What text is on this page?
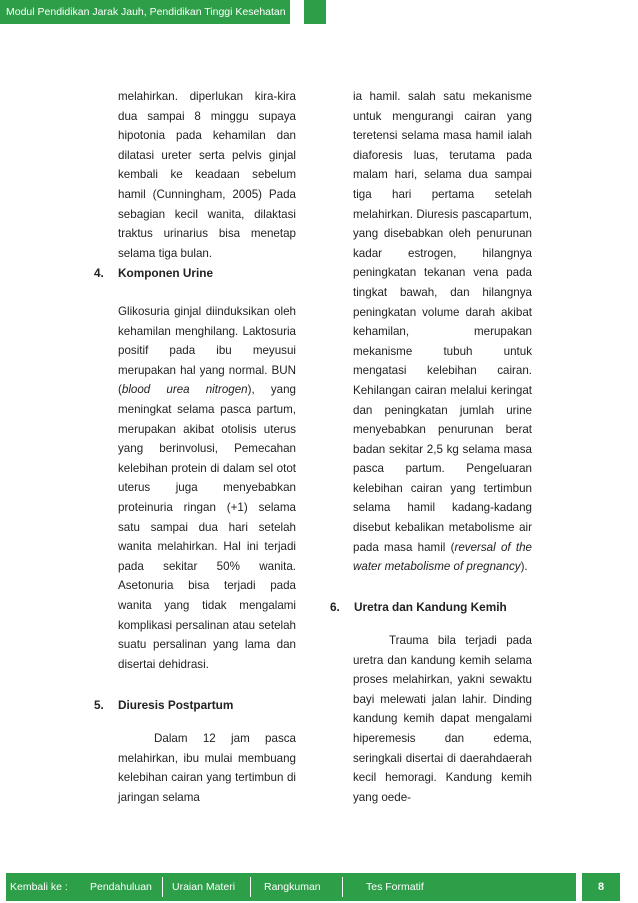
Modul Pendidikan Jarak Jauh, Pendidikan Tinggi Kesehatan

melahirkan. diperlukan kira-kira dua sampai 8 minggu supaya hipotonia pada kehamilan dan dilatasi ureter serta pelvis ginjal kembali ke keadaan sebelum hamil (Cunningham, 2005) Pada sebagian kecil wanita, dilaktasi traktus urinarius bisa menetap selama tiga bulan.

4.	Komponen Urine

Glikosuria ginjal diinduksikan oleh kehamilan menghilang. Laktosuria positif pada ibu meyusui merupakan hal yang normal. BUN (blood urea nitrogen), yang meningkat selama pasca partum, merupakan akibat otolisis uterus yang berinvolusi, Pemecahan kelebihan protein di dalam sel otot uterus juga menyebabkan proteinuria ringan (+1) selama satu sampai dua hari setelah wanita melahirkan. Hal ini terjadi pada sekitar 50% wanita. Asetonuria bisa terjadi pada wanita yang tidak mengalami komplikasi persalinan atau setelah suatu persalinan yang lama dan disertai dehidrasi.

5.	Diuresis Postpartum

Dalam 12 jam pasca melahirkan, ibu mulai membuang kelebihan cairan yang tertimbun di jaringan selama

ia hamil. salah satu mekanisme untuk mengurangi cairan yang teretensi selama masa hamil ialah diaforesis luas, terutama pada malam hari, selama dua sampai tiga hari pertama setelah melahirkan. Diuresis pascapartum, yang disebabkan oleh penurunan kadar estrogen, hilangnya peningkatan tekanan vena pada tingkat bawah, dan hilangnya peningkatan volume darah akibat kehamilan, merupakan mekanisme tubuh untuk mengatasi kelebihan cairan. Kehilangan cairan melalui keringat dan peningkatan jumlah urine menyebabkan penurunan berat badan sekitar 2,5 kg selama masa pasca partum. Pengeluaran kelebihan cairan yang tertimbun selama hamil kadang-kadang disebut kebalikan metabolisme air pada masa hamil (reversal of the water metabolisme of pregnancy).

6.	Uretra dan Kandung Kemih

Trauma bila terjadi pada uretra dan kandung kemih selama proses melahirkan, yakni sewaktu bayi melewati jalan lahir. Dinding kandung kemih dapat mengalami hiperemesis dan edema, seringkali disertai di daerahdaerah kecil hemoragi. Kandung kemih yang oede-

Kembali ke : Pendahuluan Uraian Materi	Rangkuman	Tes Formatif	8
